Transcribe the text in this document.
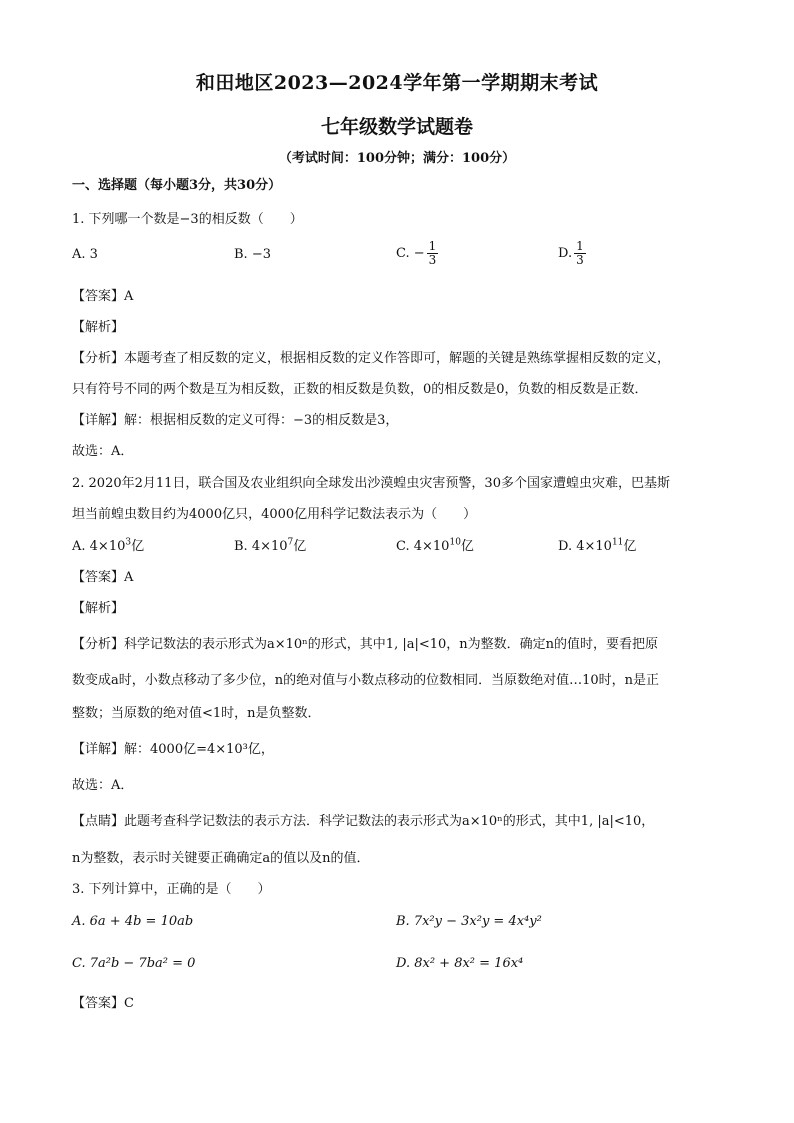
和田地区2023—2024学年第一学期期末考试
七年级数学试题卷
（考试时间：100分钟；满分：100分）
一、选择题（每小题3分，共30分）
1. 下列哪一个数是−3的相反数（　　）
A. 3	B. −3	C. − $\frac{1}{3}$	D. $\frac{1}{3}$
【答案】A
【解析】
【分析】本题考查了相反数的定义，根据相反数的定义作答即可，解题的关键是熟练掌握相反数的定义，
只有符号不同的两个数是互为相反数，正数的相反数是负数，0的相反数是0，负数的相反数是正数．
【详解】解：根据相反数的定义可得：−3的相反数是3，
故选：A．
2. 2020年2月11日，联合国及农业组织向全球发出沙漠蝗虫灾害预警，30多个国家遭蝗虫灾难，巴基斯
坦当前蝗虫数目约为4000亿只，4000亿用科学记数法表示为（　　）
A. $4\times 10^3$亿	B. $4\times 10^7$亿	C. $4\times 10^{10}$亿	D. $4\times 10^{11}$亿
【答案】A
【解析】
【分析】科学记数法的表示形式为a×10ⁿ的形式，其中1, |a|<10，n为整数．确定n的值时，要看把原
数变成a时，小数点移动了多少位，n的绝对值与小数点移动的位数相同．当原数绝对值…10时，n是正
整数；当原数的绝对值<1时，n是负整数．
【详解】解：4000亿=4×10³亿，
故选：A．
【点睛】此题考查科学记数法的表示方法．科学记数法的表示形式为a×10ⁿ的形式，其中1, |a|<10，
n为整数，表示时关键要正确确定a的值以及n的值．
3. 下列计算中，正确的是（　　）
A. 6a + 4b = 10ab	B. 7x²y − 3x²y = 4x⁴y²
C. 7a²b − 7ba² = 0	D. 8x² + 8x² = 16x⁴
【答案】C
